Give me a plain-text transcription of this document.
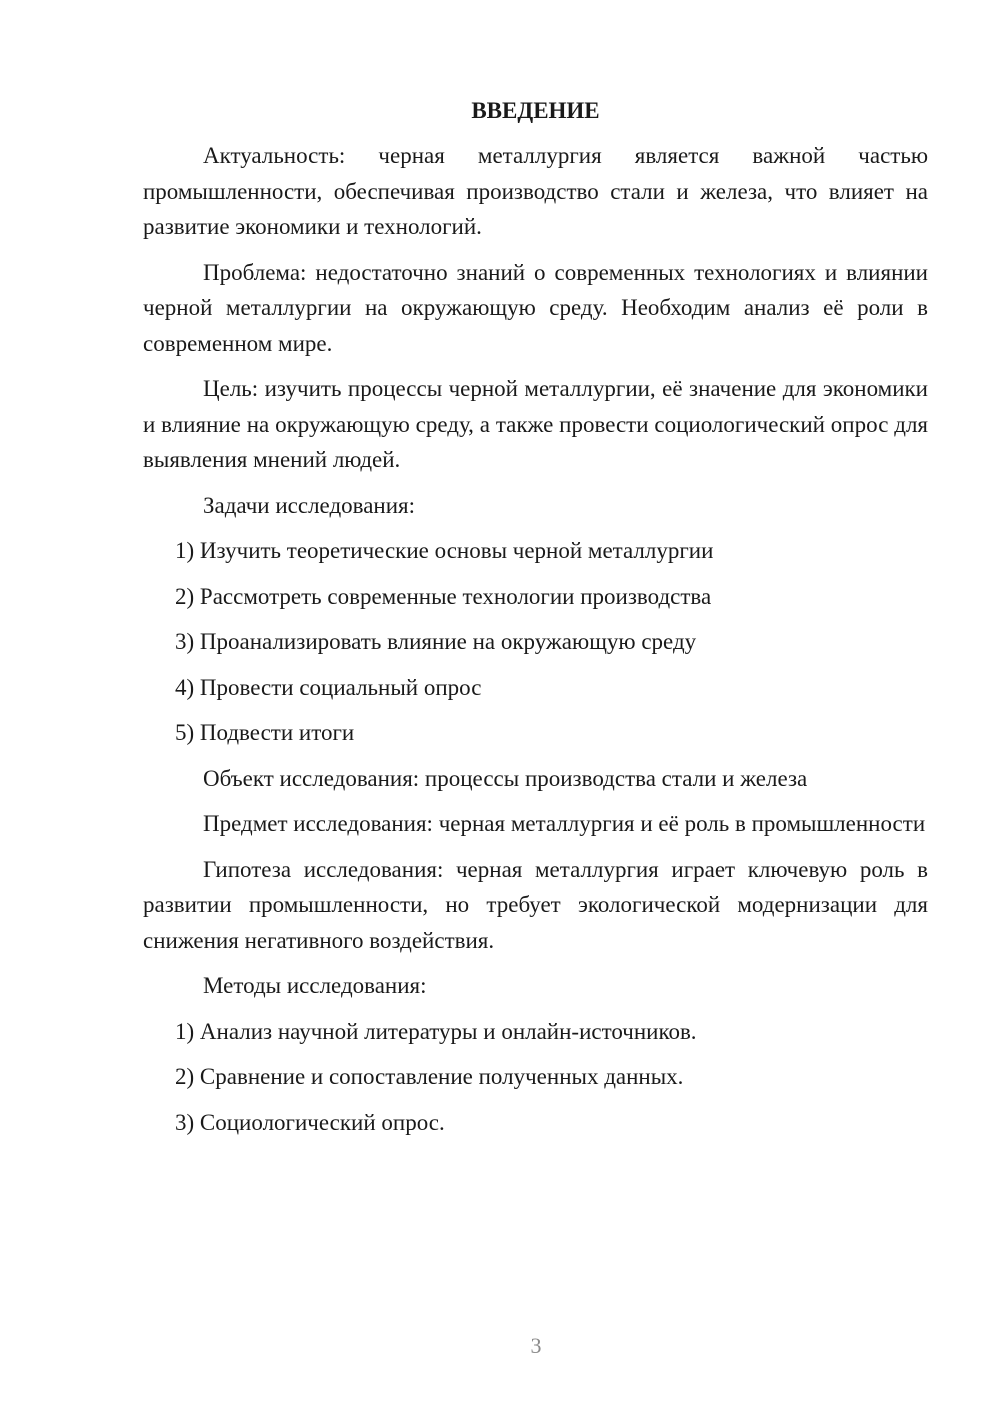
ВВЕДЕНИЕ

Актуальность: черная металлургия является важной частью промышленности, обеспечивая производство стали и железа, что влияет на развитие экономики и технологий.

Проблема: недостаточно знаний о современных технологиях и влиянии черной металлургии на окружающую среду. Необходим анализ её роли в современном мире.

Цель: изучить процессы черной металлургии, её значение для экономики и влияние на окружающую среду, а также провести социологический опрос для выявления мнений людей.

Задачи исследования:

1) Изучить теоретические основы черной металлургии

2) Рассмотреть современные технологии производства

3) Проанализировать влияние на окружающую среду

4) Провести социальный опрос

5) Подвести итоги

Объект исследования: процессы производства стали и железа

Предмет исследования: черная металлургия и её роль в промышленности

Гипотеза исследования: черная металлургия играет ключевую роль в развитии промышленности, но требует экологической модернизации для снижения негативного воздействия.

Методы исследования:

1) Анализ научной литературы и онлайн-источников.

2) Сравнение и сопоставление полученных данных.

3) Социологический опрос.

3
